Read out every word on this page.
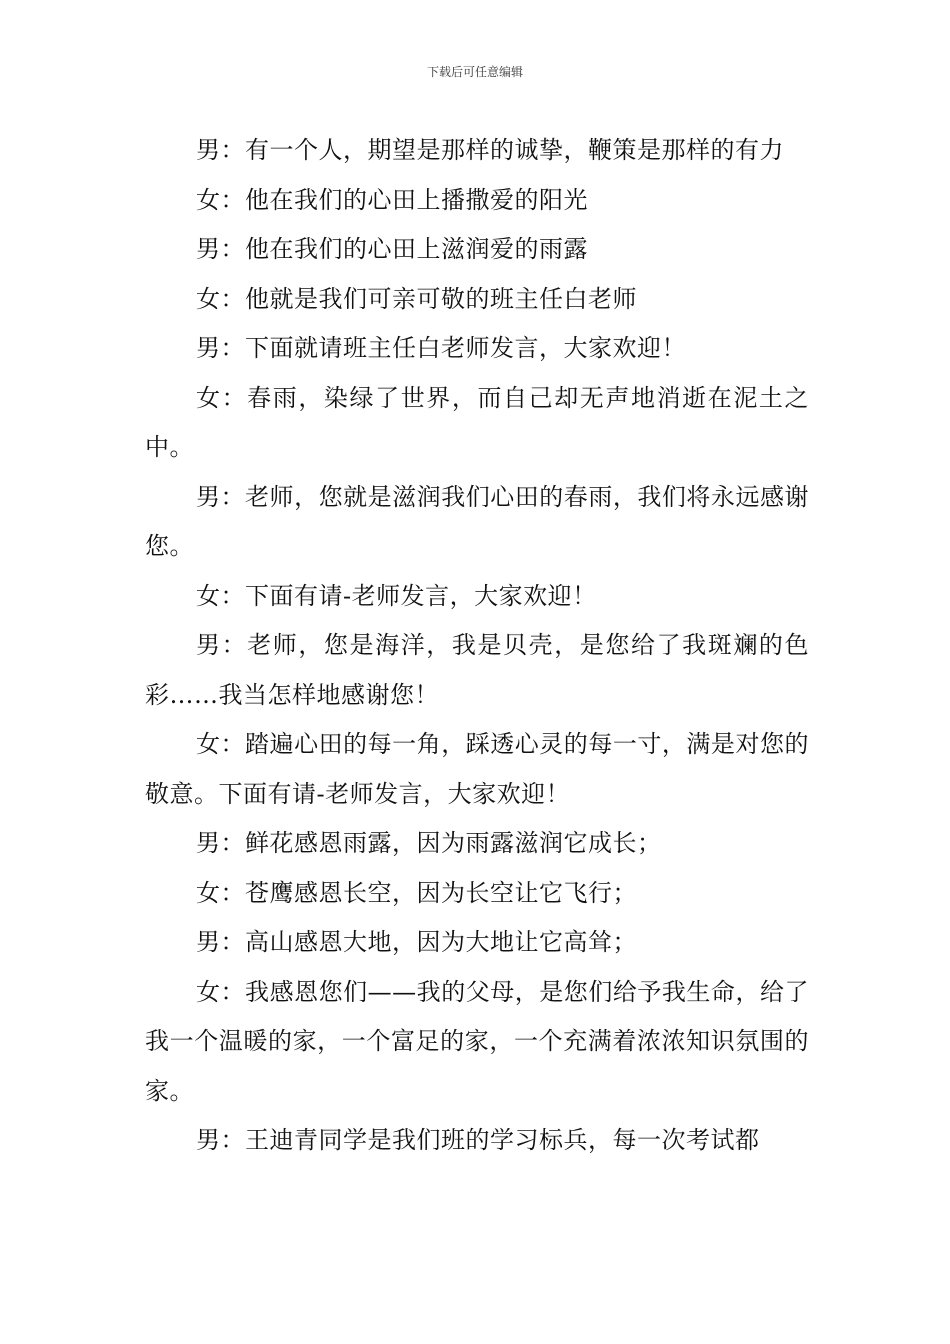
下载后可任意编辑

男：有一个人，期望是那样的诚挚，鞭策是那样的有力

女：他在我们的心田上播撒爱的阳光

男：他在我们的心田上滋润爱的雨露

女：他就是我们可亲可敬的班主任白老师

男：下面就请班主任白老师发言，大家欢迎！

女：春雨，染绿了世界，而自己却无声地消逝在泥土之中。

男：老师，您就是滋润我们心田的春雨，我们将永远感谢您。

女：下面有请-老师发言，大家欢迎！

男：老师，您是海洋，我是贝壳，是您给了我斑斓的色彩……我当怎样地感谢您！

女：踏遍心田的每一角，踩透心灵的每一寸，满是对您的敬意。下面有请-老师发言，大家欢迎！

男：鲜花感恩雨露，因为雨露滋润它成长；

女：苍鹰感恩长空，因为长空让它飞行；

男：高山感恩大地，因为大地让它高耸；

女：我感恩您们——我的父母，是您们给予我生命，给了我一个温暖的家，一个富足的家，一个充满着浓浓知识氛围的家。

男：王迪青同学是我们班的学习标兵，每一次考试都
